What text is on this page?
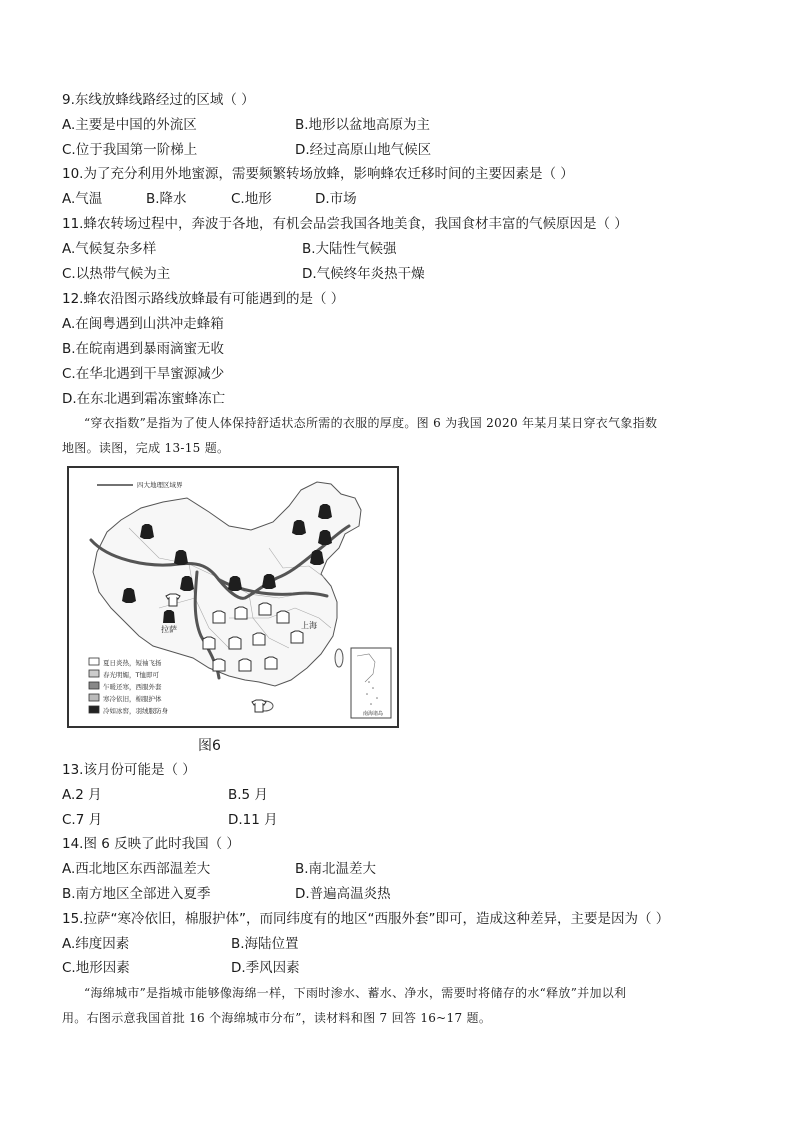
9.东线放蜂线路经过的区域（ ）
A.主要是中国的外流区	B.地形以盆地高原为主
C.位于我国第一阶梯上	D.经过高原山地气候区
10.为了充分利用外地蜜源，需要频繁转场放蜂，影响蜂农迁移时间的主要因素是（ ）
A.气温	B.降水	C.地形	D.市场
11.蜂农转场过程中，奔波于各地，有机会品尝我国各地美食，我国食材丰富的气候原因是（ ）
A.气候复杂多样	B.大陆性气候强
C.以热带气候为主	D.气候终年炎热干燥
12.蜂农沿图示路线放蜂最有可能遇到的是（ ）
A.在闽粤遇到山洪冲走蜂箱
B.在皖南遇到暴雨滴蜜无收
C.在华北遇到干旱蜜源减少
D.在东北遇到霜冻蜜蜂冻亡
“穿衣指数”是指为了使人体保持舒适状态所需的衣服的厚度。图 6 为我国 2020 年某月某日穿衣气象指数
地图。读图，完成 13-15 题。
四大地理区域界
拉萨	上海
夏日炎热，短袖飞扬
春光明媚，T恤即可
乍暖还寒，西服外套
寒冷依旧，棉服护体
冷如冰窖，羽绒服防身	南海诸岛
图6
13.该月份可能是（ ）
A.2 月	B.5 月
C.7 月	D.11 月
14.图 6 反映了此时我国（ ）
A.西北地区东西部温差大	B.南北温差大
B.南方地区全部进入夏季	D.普遍高温炎热
15.拉萨“寒冷依旧，棉服护体”，而同纬度有的地区“西服外套”即可，造成这种差异，主要是因为（ ）
A.纬度因素	B.海陆位置
C.地形因素	D.季风因素
“海绵城市”是指城市能够像海绵一样，下雨时渗水、蓄水、净水，需要时将储存的水“释放”并加以利
用。右图示意我国首批 16 个海绵城市分布”，读材料和图 7 回答 16~17 题。
